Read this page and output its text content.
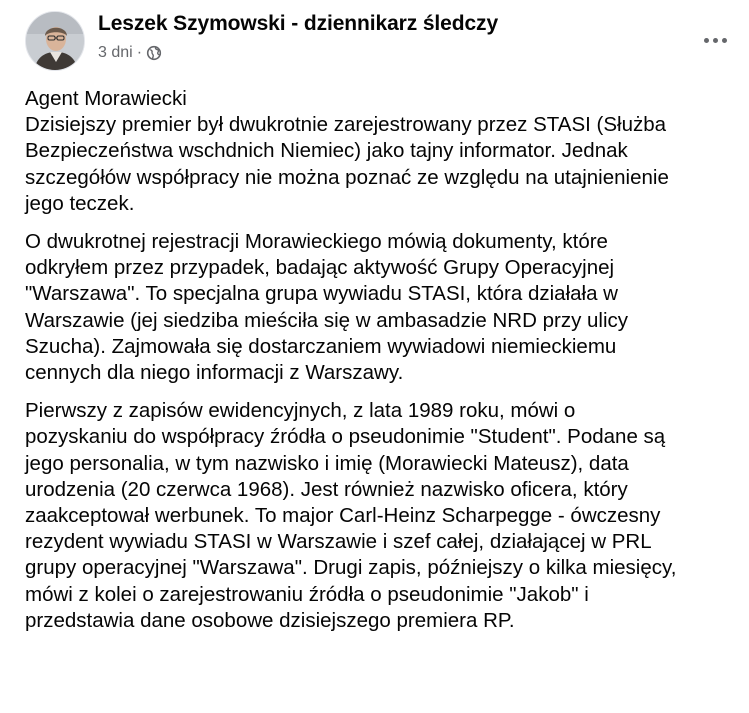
Leszek Szymowski - dziennikarz śledczy
3 dni ·

Agent Morawiecki
Dzisiejszy premier był dwukrotnie zarejestrowany przez STASI (Służba
Bezpieczeństwa wschdnich Niemiec) jako tajny informator. Jednak
szczegółów współpracy nie można poznać ze względu na utajnienienie
jego teczek.

O dwukrotnej rejestracji Morawieckiego mówią dokumenty, które
odkryłem przez przypadek, badając aktywość Grupy Operacyjnej
"Warszawa". To specjalna grupa wywiadu STASI, która działała w
Warszawie (jej siedziba mieściła się w ambasadzie NRD przy ulicy
Szucha). Zajmowała się dostarczaniem wywiadowi niemieckiemu
cennych dla niego informacji z Warszawy.

Pierwszy z zapisów ewidencyjnych, z lata 1989 roku, mówi o
pozyskaniu do współpracy źródła o pseudonimie "Student". Podane są
jego personalia, w tym nazwisko i imię (Morawiecki Mateusz), data
urodzenia (20 czerwca 1968). Jest również nazwisko oficera, który
zaakceptował werbunek. To major Carl-Heinz Scharpegge - ówczesny
rezydent wywiadu STASI w Warszawie i szef całej, działającej w PRL
grupy operacyjnej "Warszawa". Drugi zapis, późniejszy o kilka miesięcy,
mówi z kolei o zarejestrowaniu źródła o pseudonimie "Jakob" i
przedstawia dane osobowe dzisiejszego premiera RP.
